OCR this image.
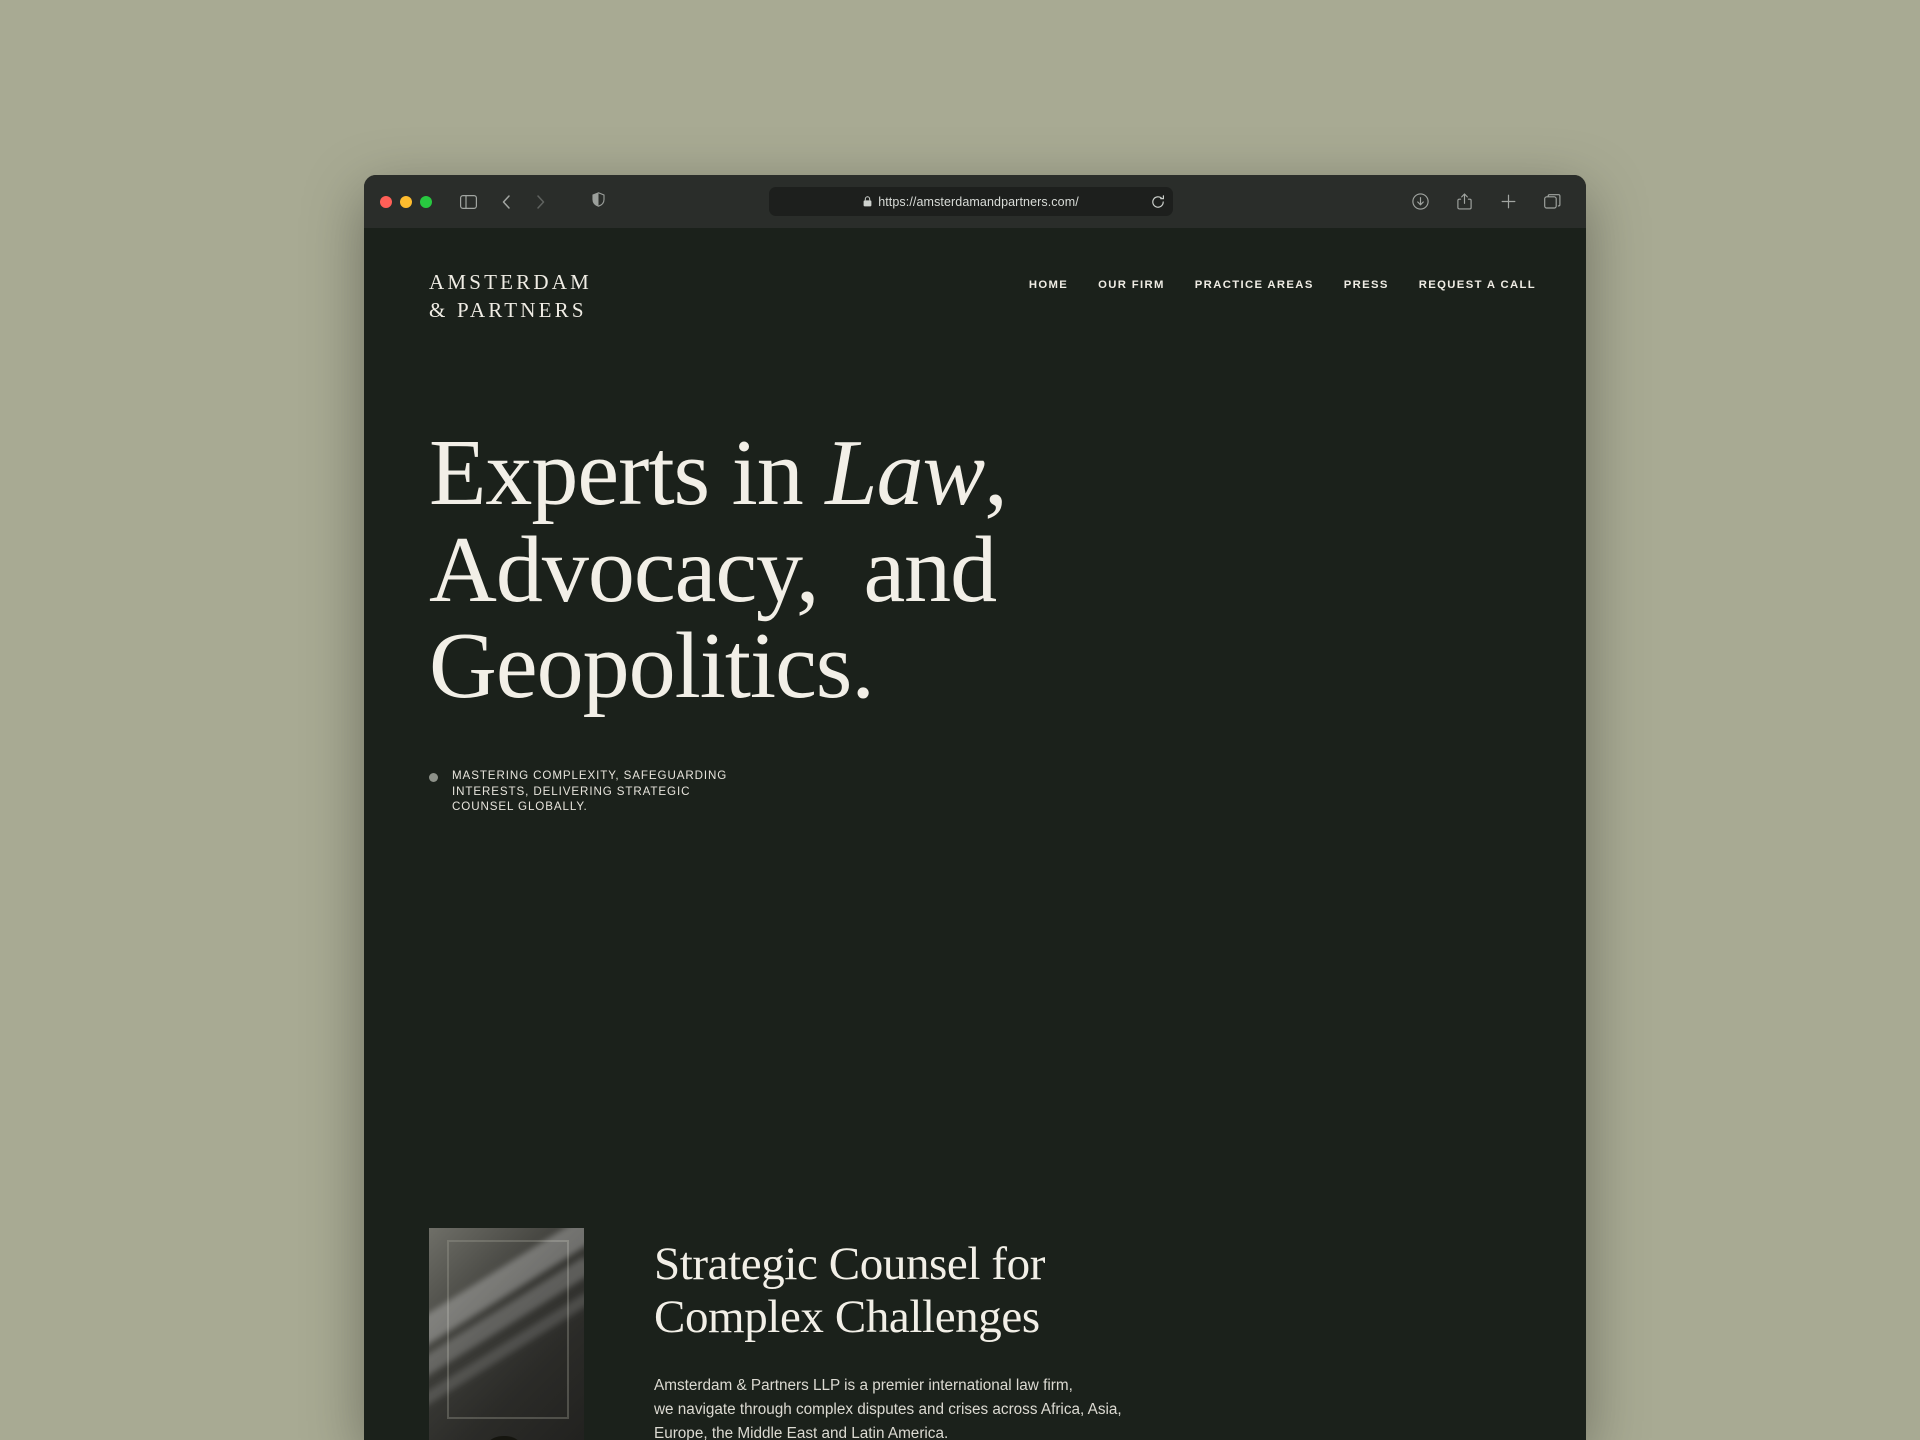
https://amsterdamandpartners.com/
AMSTERDAM
& PARTNERS
HOME	OUR FIRM	PRACTICE AREAS	PRESS	REQUEST A CALL
Experts in Law,
Advocacy,  and
Geopolitics.

MASTERING COMPLEXITY, SAFEGUARDING INTERESTS, DELIVERING STRATEGIC COUNSEL GLOBALLY.

Strategic Counsel for
Complex Challenges

Amsterdam & Partners LLP is a premier international law firm,
we navigate through complex disputes and crises across Africa, Asia,
Europe, the Middle East and Latin America.
